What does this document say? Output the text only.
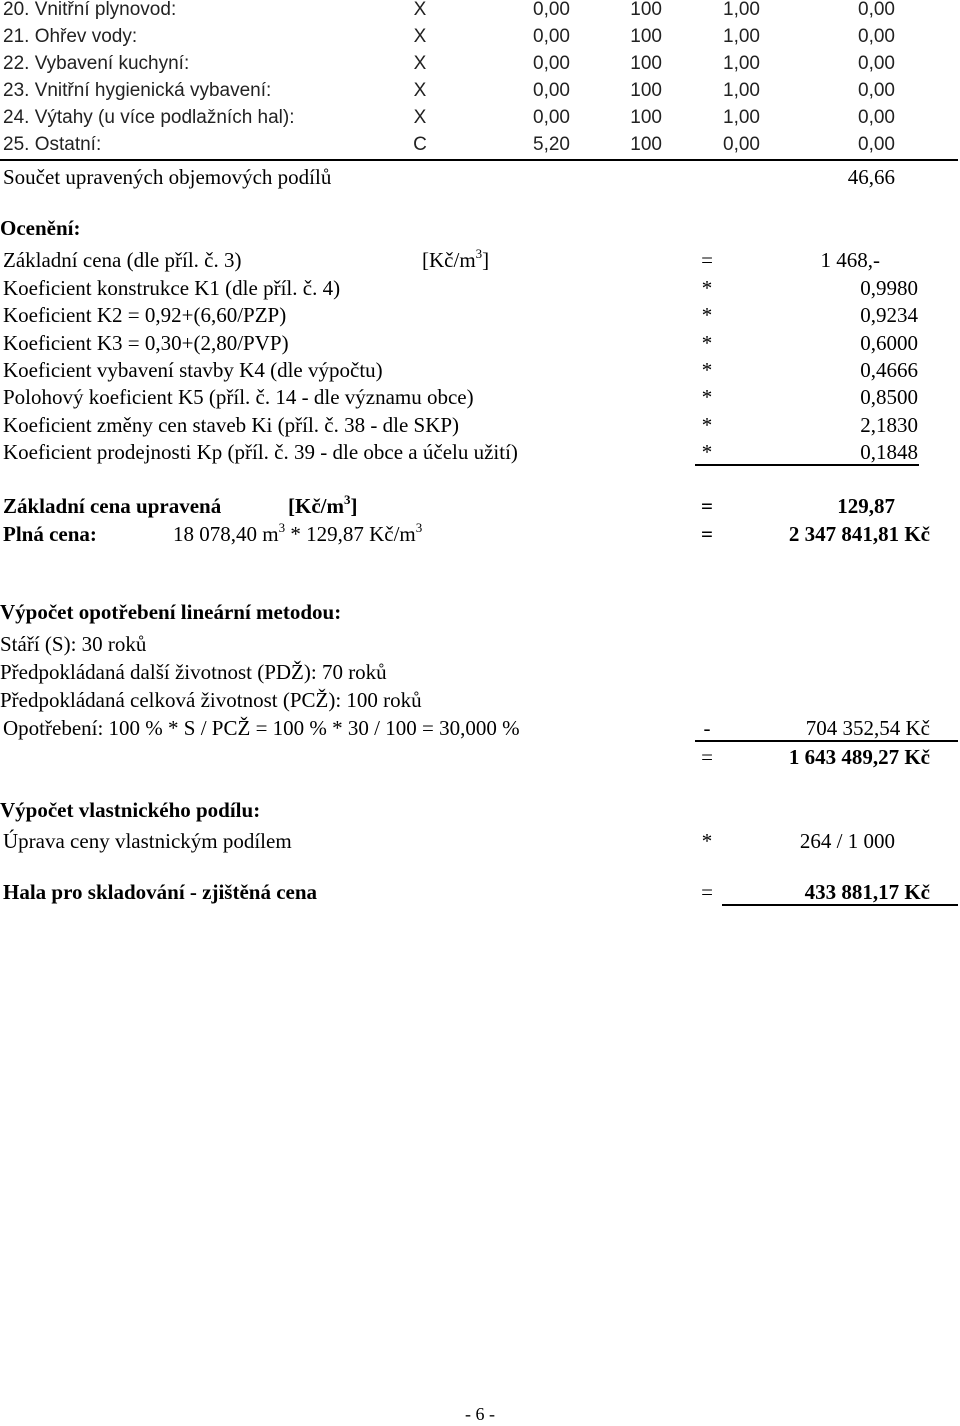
20. Vnitřní plynovod:	X	0,00	100	1,00	0,00
21. Ohřev vody:	X	0,00	100	1,00	0,00
22. Vybavení kuchyní:	X	0,00	100	1,00	0,00
23. Vnitřní hygienická vybavení:	X	0,00	100	1,00	0,00
24. Výtahy (u více podlažních hal):	X	0,00	100	1,00	0,00
25. Ostatní:	C	5,20	100	0,00	0,00
Součet upravených objemových podílů	46,66
Ocenění:
Základní cena (dle příl. č. 3)	$[Kč/m^3]$	=	1 468,-
Koeficient konstrukce K1 (dle příl. č. 4)	*	0,9980
Koeficient K2 = 0,92+(6,60/PZP)	*	0,9234
Koeficient K3 = 0,30+(2,80/PVP)	*	0,6000
Koeficient vybavení stavby K4 (dle výpočtu)	*	0,4666
Polohový koeficient K5 (příl. č. 14 - dle významu obce)	*	0,8500
Koeficient změny cen staveb Ki (příl. č. 38 - dle SKP)	*	2,1830
Koeficient prodejnosti Kp (příl. č. 39 - dle obce a účelu užití)	*	0,1848
Základní cena upravená	$[Kč/m^3]$	=	129,87
Plná cena:	18 078,40 $m^3 * 129,87$ $Kč/m^3$	=	2 347 841,81 Kč
Výpočet opotřebení lineární metodou:
Stáří (S): 30 roků
Předpokládaná další životnost (PDŽ): 70 roků
Předpokládaná celková životnost (PCŽ): 100 roků
Opotřebení: 100 % * S / PCŽ = 100 % * 30 / 100 = 30,000 %	-	704 352,54 Kč
=	1 643 489,27 Kč
Výpočet vlastnického podílu:
Úprava ceny vlastnickým podílem	*	264 / 1 000
Hala pro skladování - zjištěná cena	=	433 881,17 Kč
- 6 -
